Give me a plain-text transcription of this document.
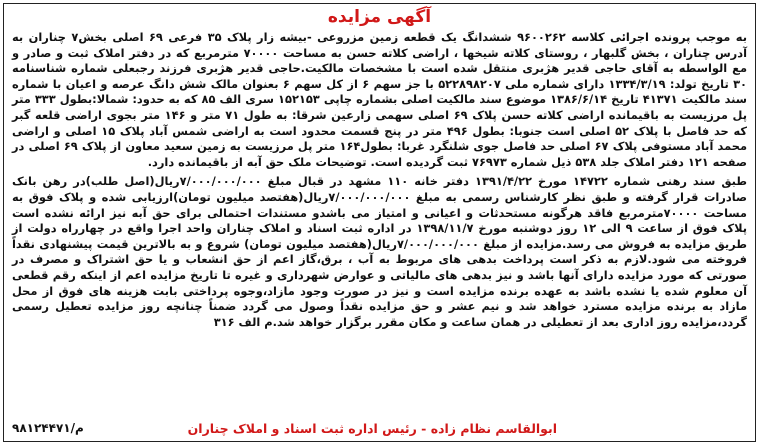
آگهی مزایده

به موجب پرونده اجرائی کلاسه ۹۶۰۰۲۶۲ ششدانگ یک قطعه زمین مزروعی -بیشه زار پلاک ۳۵ فرعی ۶۹ اصلی بخش۷ چناران به آدرس چناران ، بخش گلبهار ، روستای کلاته شیخها ، اراضی کلاته حسن به مساحت ۷۰۰۰۰ مترمربع که در دفتر املاک ثبت و صادر و مع الواسطه به آقای حاجی قدیر هژبری منتقل شده است با مشخصات مالکیت.حاجی قدیر هژبری فرزند رجبعلی شماره شناسنامه ۳۰ تاریخ تولد: ۱۳۳۴/۳/۱۹ دارای شماره ملی ۵۲۲۸۹۸۲۰۷ با جز سهم ۶ از کل سهم ۶ بعنوان مالک شش دانگ عرصه و اعیان با شماره سند مالکیت ۴۱۳۷۱ تاریخ ۱۳۸۶/۶/۱۴ موضوع سند مالکیت اصلی بشماره چاپی ۱۵۲۱۵۳ سری الف ۸۵ که به حدود: شمالا:بطول ۳۳۳ متر پل مرزیست به باقیمانده اراضی کلاته حسن پلاک ۶۹ اصلی سهمی زارعین شرقا: به طول ۷۱ متر و ۱۴۶ متر بجوی اراضی قلعه گبر که حد فاصل با پلاک ۵۲ اصلی است جنوبا: بطول ۴۹۶ متر در پنج قسمت محدود است به اراضی شمس آباد پلاک ۱۵ اصلی و اراضی محمد آباد مستوفی پلاک ۶۷ اصلی حد فاصل جوی شلنگرد غربا: بطول۱۶۴ متر پل مرزیست به زمین سعید معاون از پلاک ۶۹ اصلی در صفحه ۱۲۱ دفتر املاک جلد ۵۳۸ ذیل شماره ۷۶۹۷۳ ثبت گردیده است. توضیحات ملک حق آبه از باقیمانده دارد.

طبق سند رهنی شماره ۱۴۷۲۲ مورخ ۱۳۹۱/۴/۲۲ دفتر خانه ۱۱۰ مشهد در قبال مبلغ ۷/۰۰۰/۰۰۰/۰۰۰ریال(اصل طلب)در رهن بانک صادرات قرار گرفته و طبق نظر کارشناس رسمی به مبلغ ۷/۰۰۰/۰۰۰/۰۰۰ریال(هفتصد میلیون تومان)ارزیابی شده و پلاک فوق به مساحت ۷۰۰۰۰مترمربع فاقد هرگونه مستحدثات و اعیانی و امتیاز می باشدو مستندات احتمالی برای حق آبه نیز ارائه نشده است پلاک فوق از ساعت ۹ الی ۱۲ روز دوشنبه مورخ ۱۳۹۸/۱۱/۷ در اداره ثبت اسناد و املاک چناران واحد اجرا واقع در چهارراه دولت از طریق مزایده به فروش می رسد.مزایده از مبلغ ۷/۰۰۰/۰۰۰/۰۰۰ریال(هفتصد میلیون تومان) شروع و به بالاترین قیمت پیشنهادی نقداً فروخته می شود.لازم به ذکر است پرداخت بدهی های مربوط به آب ، برق،گاز اعم از حق انشعاب و یا حق اشتراک و مصرف در صورتی که مورد مزایده دارای آنها باشد و نیز بدهی های مالیاتی و عوارض شهرداری و غیره تا تاریخ مزایده اعم از اینکه رقم قطعی آن معلوم شده یا نشده باشد به عهده برنده مزایده است و نیز در صورت وجود مازاد،وجوه پرداختی بابت هزینه های فوق از محل مازاد به برنده مزایده مسترد خواهد شد و نیم عشر و حق مزایده نقداً وصول می گردد ضمناً چنانچه روز مزایده تعطیل رسمی گردد،مزایده روز اداری بعد از تعطیلی در همان ساعت و مکان مقرر برگزار خواهد شد.م الف ۳۱۶

ابوالقاسم نظام زاده - رئیس اداره ثبت اسناد و املاک چناران
م/۹۸۱۲۴۴۷۱
